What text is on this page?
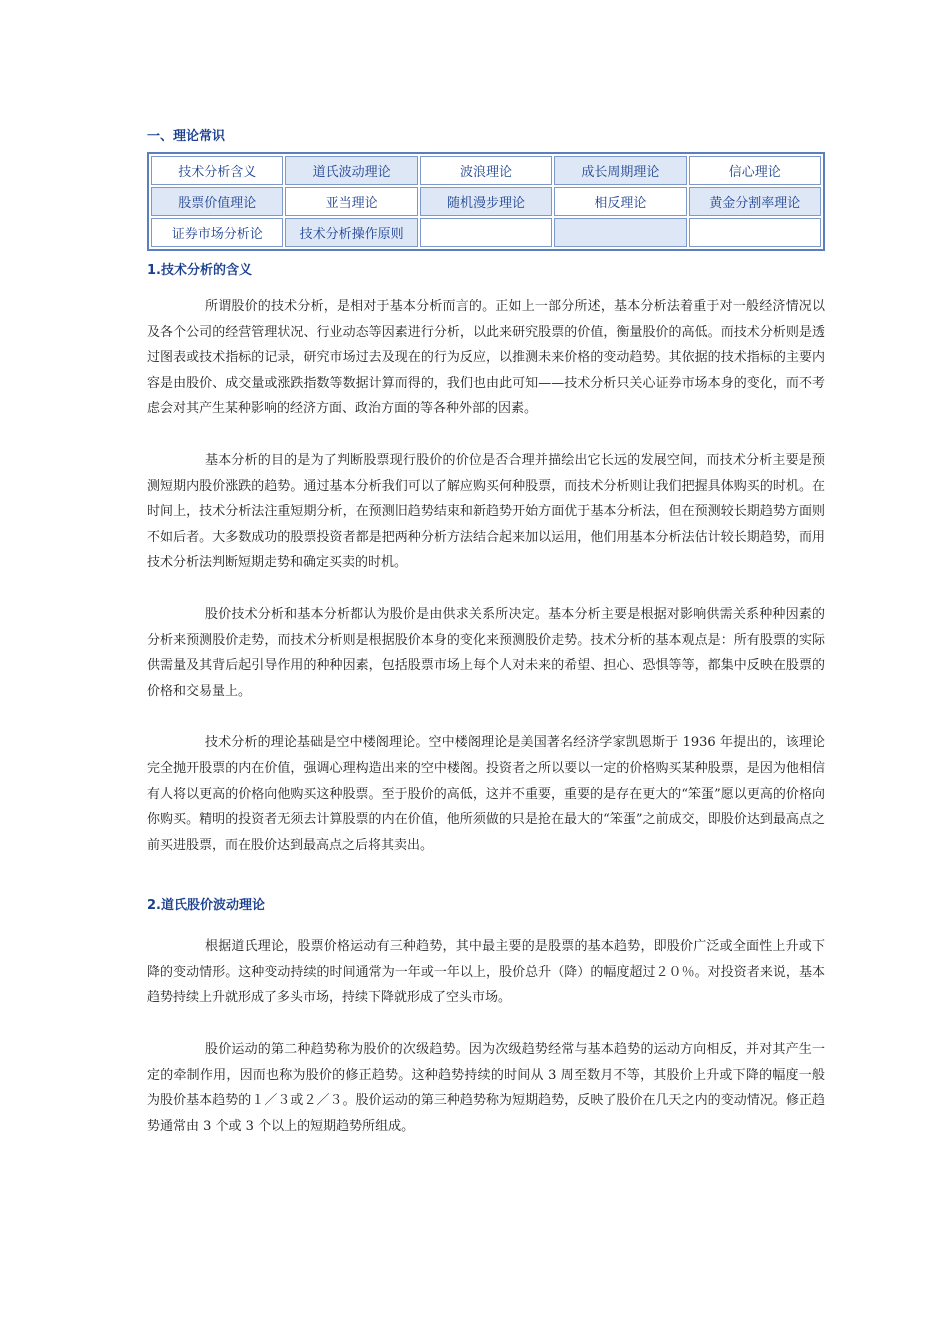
一、理论常识
技术分析含义	道氏波动理论	波浪理论	成长周期理论	信心理论
股票价值理论	亚当理论	随机漫步理论	相反理论	黄金分割率理论
证券市场分析论	技术分析操作原则			
1.技术分析的含义

所谓股价的技术分析，是相对于基本分析而言的。正如上一部分所述，基本分析法着重于对一般经济情况以及各个公司的经营管理状况、行业动态等因素进行分析，以此来研究股票的价值，衡量股价的高低。而技术分析则是透过图表或技术指标的记录，研究市场过去及现在的行为反应，以推测未来价格的变动趋势。其依据的技术指标的主要内容是由股价、成交量或涨跌指数等数据计算而得的，我们也由此可知——技术分析只关心证券市场本身的变化，而不考虑会对其产生某种影响的经济方面、政治方面的等各种外部的因素。

基本分析的目的是为了判断股票现行股价的价位是否合理并描绘出它长远的发展空间，而技术分析主要是预测短期内股价涨跌的趋势。通过基本分析我们可以了解应购买何种股票，而技术分析则让我们把握具体购买的时机。在时间上，技术分析法注重短期分析，在预测旧趋势结束和新趋势开始方面优于基本分析法，但在预测较长期趋势方面则不如后者。大多数成功的股票投资者都是把两种分析方法结合起来加以运用，他们用基本分析法估计较长期趋势，而用技术分析法判断短期走势和确定买卖的时机。

股价技术分析和基本分析都认为股价是由供求关系所决定。基本分析主要是根据对影响供需关系种种因素的分析来预测股价走势，而技术分析则是根据股价本身的变化来预测股价走势。技术分析的基本观点是：所有股票的实际供需量及其背后起引导作用的种种因素，包括股票市场上每个人对未来的希望、担心、恐惧等等，都集中反映在股票的价格和交易量上。

技术分析的理论基础是空中楼阁理论。空中楼阁理论是美国著名经济学家凯恩斯于 1936 年提出的，该理论完全抛开股票的内在价值，强调心理构造出来的空中楼阁。投资者之所以要以一定的价格购买某种股票，是因为他相信有人将以更高的价格向他购买这种股票。至于股价的高低，这并不重要，重要的是存在更大的“笨蛋”愿以更高的价格向你购买。精明的投资者无须去计算股票的内在价值，他所须做的只是抢在最大的“笨蛋”之前成交，即股价达到最高点之前买进股票，而在股价达到最高点之后将其卖出。

2.道氏股价波动理论

根据道氏理论，股票价格运动有三种趋势，其中最主要的是股票的基本趋势，即股价广泛或全面性上升或下降的变动情形。这种变动持续的时间通常为一年或一年以上，股价总升（降）的幅度超过２０％。对投资者来说，基本趋势持续上升就形成了多头市场，持续下降就形成了空头市场。

股价运动的第二种趋势称为股价的次级趋势。因为次级趋势经常与基本趋势的运动方向相反，并对其产生一定的牵制作用，因而也称为股价的修正趋势。这种趋势持续的时间从 3 周至数月不等，其股价上升或下降的幅度一般为股价基本趋势的１／３或２／３。股价运动的第三种趋势称为短期趋势，反映了股价在几天之内的变动情况。修正趋势通常由 3 个或 3 个以上的短期趋势所组成。
